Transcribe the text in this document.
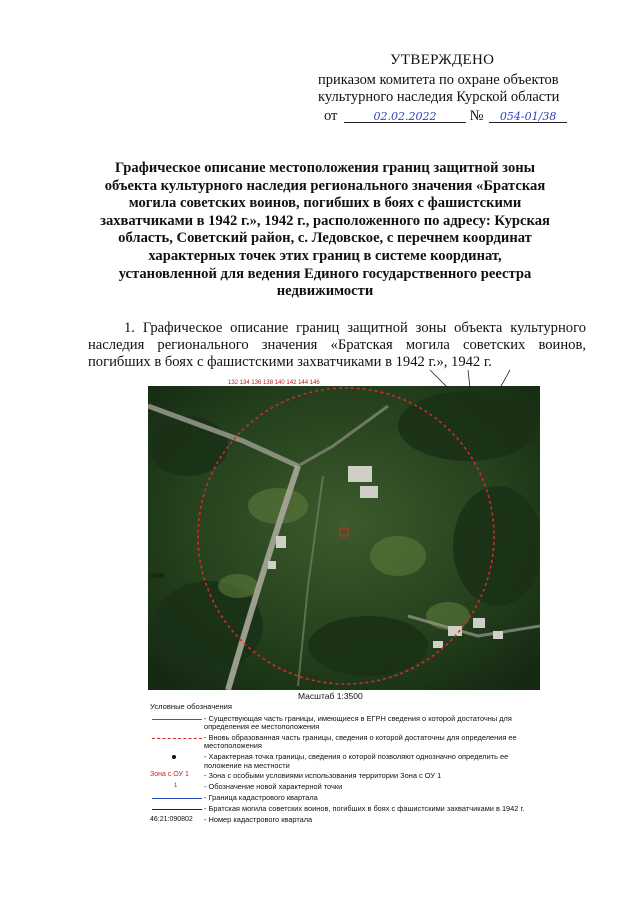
УТВЕРЖДЕНО
приказом комитета по охране объектов
культурного наследия Курской области
от	02.02.2022 № 054-01/38
Графическое описание местоположения границ защитной зоны объекта культурного наследия регионального значения «Братская могила советских воинов, погибших в боях с фашистскими захватчиками в 1942 г.», 1942 г., расположенного по адресу: Курская область, Советский район, с. Ледовское, с перечнем координат характерных точек этих границ в системе координат, установленной для ведения Единого государственного реестра недвижимости
1. Графическое описание границ защитной зоны объекта культурного наследия регионального значения «Братская могила советских воинов, погибших в боях с фашистскими захватчиками в 1942 г.», 1942 г.
132 134 136 138 140 142 144 146
0905
Масштаб 1:3500
Условные обозначения
- Существующая часть границы, имеющиеся в ЕГРН сведения о которой достаточны для определения ее местоположения
- Вновь образованная часть границы, сведения о которой достаточны для определения ее местоположения
- Характерная точка границы, сведения о которой позволяют однозначно определить ее положение на местности
Зона с ОУ 1 - Зона с особыми условиями использования территории Зона с ОУ 1
1	- Обозначение новой характерной точки
- Граница кадастрового квартала
- Братская могила советских воинов, погибших в боях с фашистскими захватчиками в 1942 г.
46:21:090802 - Номер кадастрового квартала
